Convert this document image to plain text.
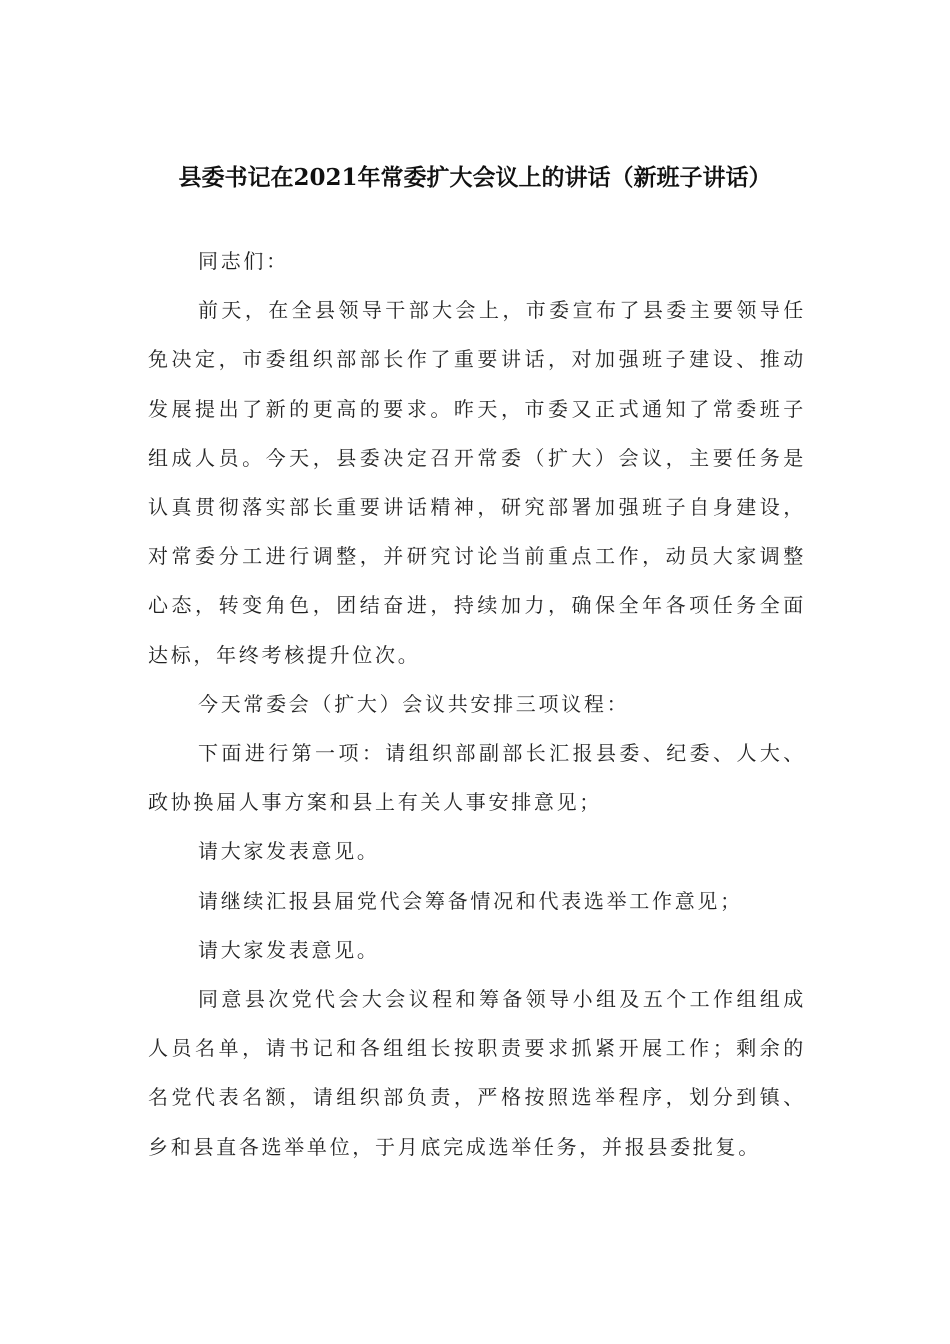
县委书记在2021年常委扩大会议上的讲话（新班子讲话）

同志们：

前天，在全县领导干部大会上，市委宣布了县委主要领导任免决定，市委组织部部长作了重要讲话，对加强班子建设、推动发展提出了新的更高的要求。昨天，市委又正式通知了常委班子组成人员。今天，县委决定召开常委（扩大）会议，主要任务是认真贯彻落实部长重要讲话精神，研究部署加强班子自身建设，对常委分工进行调整，并研究讨论当前重点工作，动员大家调整心态，转变角色，团结奋进，持续加力，确保全年各项任务全面达标，年终考核提升位次。

今天常委会（扩大）会议共安排三项议程：

下面进行第一项：请组织部副部长汇报县委、纪委、人大、政协换届人事方案和县上有关人事安排意见；

请大家发表意见。

请继续汇报县届党代会筹备情况和代表选举工作意见；

请大家发表意见。

同意县次党代会大会议程和筹备领导小组及五个工作组组成人员名单，请书记和各组组长按职责要求抓紧开展工作；剩余的名党代表名额，请组织部负责，严格按照选举程序，划分到镇、乡和县直各选举单位，于月底完成选举任务，并报县委批复。
